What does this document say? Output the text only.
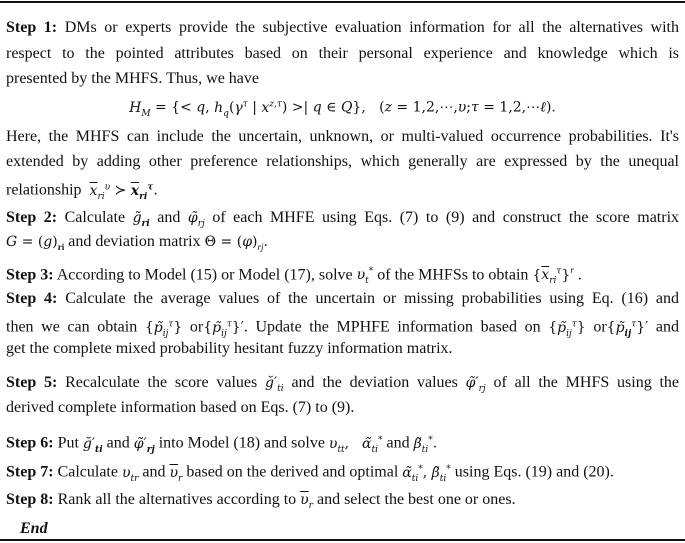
Step 1: DMs or experts provide the subjective evaluation information for all the alternatives with
respect to the pointed attributes based on their personal experience and knowledge which is
presented by the MHFS. Thus, we have
$H_M$ = {< q, $h_q(\gamma^\tau$ | $x^{z,\tau}$) >| q ∈ Q},   (z = 1,2,⋯,υ;τ = 1,2,⋯ℓ).
Here, the MHFS can include the uncertain, unknown, or multi-valued occurrence probabilities. It's
extended by adding other preference relationships, which generally are expressed by the unequal
relationship $\overline{x}_{ri}^\upsilon$ ≻ $\overline{x}_{ri}^\tau$.
Step 2: Calculate $g̃_{ri}$ and $\varphĩ_{rj}$ of each MHFE using Eqs. (7) to (9) and construct the score matrix
$G = (g)_{ri}$ and deviation matrix $\Theta = (\varphi)_{rj}$.
Step 3: According to Model (15) or Model (17), solve $\upsilon_t^*$ of the MHFSs to obtain $\{\overline{x}_{ri}^\tau\}^r$ .
Step 4: Calculate the average values of the uncertain or missing probabilities using Eq. (16) and
then we can obtain $\{p̃_{ij}^\tau\}$ $or\{p̃_{ij}^\tau\}'$. Update the MPHFE information based on $\{p̃_{ij}^\tau\}$ $or\{p̃_{ij}^\tau\}'$ and
get the complete mixed probability hesitant fuzzy information matrix.
Step 5: Recalculate the score values $ğ'_{ti}$ and the deviation values $\varphĩ'_{rj}$ of all the MHFS using the
derived complete information based on Eqs. (7) to (9).
Step 6: Put $ğ'_{ti}$ and $\varphĩ'_{rj}$ into Model (18) and solve $\upsilon_{tt}$,   $\alphã_{ti}^*$ and $\betã_{ti}^*$.
Step 7: Calculate $\upsilon_{tr}$ and $\overline{\upsilon}_r$ based on the derived and optimal $\alphã_{ti}^*$, $\betã_{ti}^*$ using Eqs. (19) and (20).
Step 8: Rank all the alternatives according to $\overline{\upsilon}_r$ and select the best one or ones.
End
